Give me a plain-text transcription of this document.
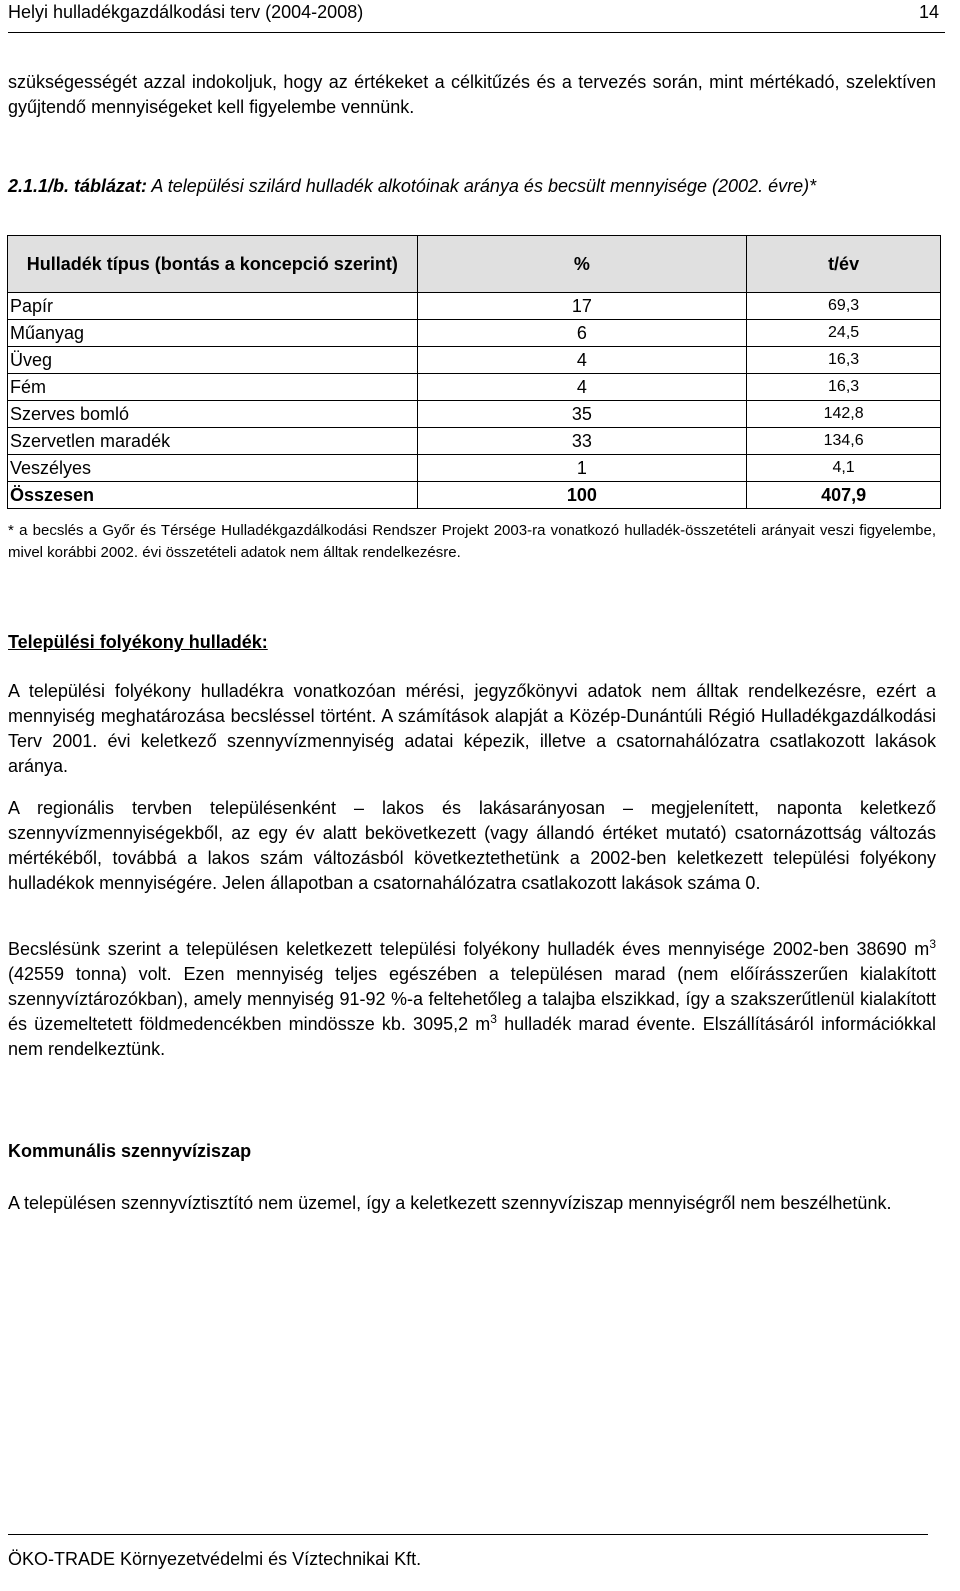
Helyi hulladékgazdálkodási terv (2004-2008)	14
szükségességét azzal indokoljuk, hogy az értékeket a célkitűzés és a tervezés során, mint mértékadó, szelektíven gyűjtendő mennyiségeket kell figyelembe vennünk.
2.1.1/b. táblázat: A települési szilárd hulladék alkotóinak aránya és becsült mennyisége (2002. évre)*
Hulladék típus (bontás a koncepció szerint)	%	t/év
Papír	17	69,3
Műanyag	6	24,5
Üveg	4	16,3
Fém	4	16,3
Szerves bomló	35	142,8
Szervetlen maradék	33	134,6
Veszélyes	1	4,1
Összesen	100	407,9
* a becslés a Győr és Térsége Hulladékgazdálkodási Rendszer Projekt 2003-ra vonatkozó hulladék-összetételi arányait veszi figyelembe, mivel korábbi 2002. évi összetételi adatok nem álltak rendelkezésre.
Települési folyékony hulladék:
A települési folyékony hulladékra vonatkozóan mérési, jegyzőkönyvi adatok nem álltak rendelkezésre, ezért a mennyiség meghatározása becsléssel történt. A számítások alapját a Közép-Dunántúli Régió Hulladékgazdálkodási Terv 2001. évi keletkező szennyvízmennyiség adatai képezik, illetve a csatornahálózatra csatlakozott lakások aránya.
A regionális tervben településenként – lakos és lakásarányosan – megjelenített, naponta keletkező szennyvízmennyiségekből, az egy év alatt bekövetkezett (vagy állandó értéket mutató) csatornázottság változás mértékéből, továbbá a lakos szám változásból következtethetünk a 2002-ben keletkezett települési folyékony hulladékok mennyiségére. Jelen állapotban a csatornahálózatra csatlakozott lakások száma 0.
Becslésünk szerint a településen keletkezett települési folyékony hulladék éves mennyisége 2002-ben 38690 $m^3$ (42559 tonna) volt. Ezen mennyiség teljes egészében a településen marad (nem előírásszerűen kialakított szennyvíztározókban), amely mennyiség 91-92 %-a feltehetőleg a talajba elszikkad, így a szakszerűtlenül kialakított és üzemeltetett földmedencékben mindössze kb. 3095,2 $m^3$ hulladék marad évente. Elszállításáról információkkal nem rendelkeztünk.
Kommunális szennyvíziszap
A településen szennyvíztisztító nem üzemel, így a keletkezett szennyvíziszap mennyiségről nem beszélhetünk.
ÖKO-TRADE Környezetvédelmi és Víztechnikai Kft.
